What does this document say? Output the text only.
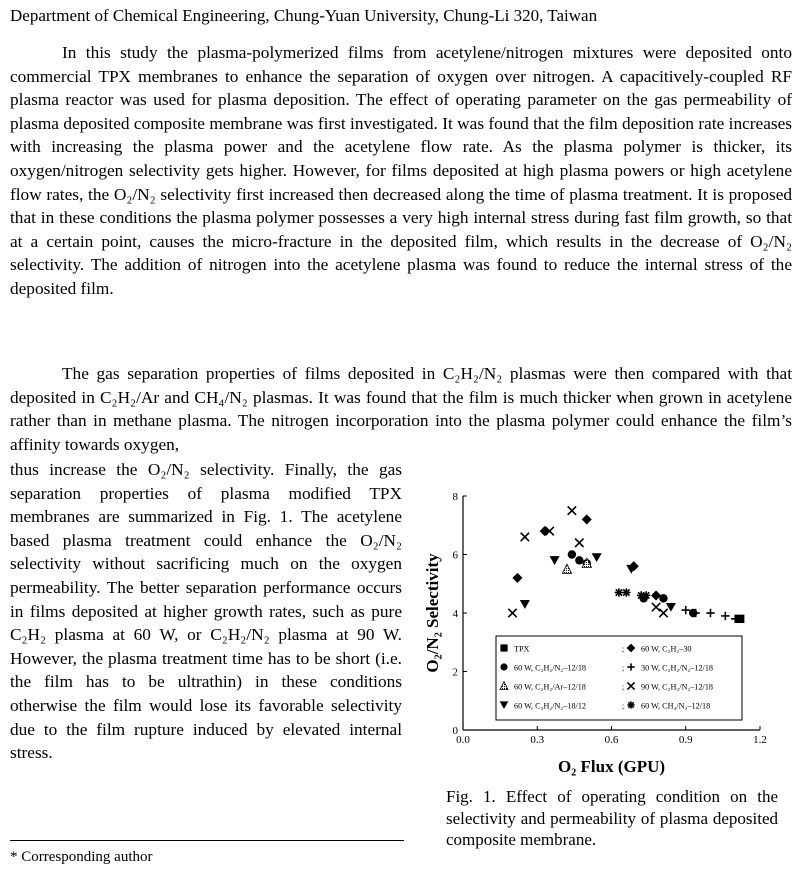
Department of Chemical Engineering, Chung-Yuan University, Chung-Li 320, Taiwan

In this study the plasma-polymerized films from acetylene/nitrogen mixtures were deposited onto commercial TPX membranes to enhance the separation of oxygen over nitrogen. A capacitively-coupled RF plasma reactor was used for plasma deposition. The effect of operating parameter on the gas permeability of plasma deposited composite membrane was first investigated. It was found that the film deposition rate increases with increasing the plasma power and the acetylene flow rate. As the plasma polymer is thicker, its oxygen/nitrogen selectivity gets higher. However, for films deposited at high plasma powers or high acetylene flow rates, the O₂/N₂ selectivity first increased then decreased along the time of plasma treatment. It is proposed that in these conditions the plasma polymer possesses a very high internal stress during fast film growth, so that at a certain point, causes the micro-fracture in the deposited film, which results in the decrease of O₂/N₂ selectivity. The addition of nitrogen into the acetylene plasma was found to reduce the internal stress of the deposited film.

The gas separation properties of films deposited in C₂H₂/N₂ plasmas were then compared with that deposited in C₂H₂/Ar and CH₄/N₂ plasmas. It was found that the film is much thicker when grown in acetylene rather than in methane plasma. The nitrogen incorporation into the plasma polymer could enhance the film’s affinity towards oxygen,

thus increase the O₂/N₂ selectivity. Finally, the gas separation properties of plasma modified TPX membranes are summarized in Fig. 1. The acetylene based plasma treatment could enhance the O₂/N₂ selectivity without sacrificing much on the oxygen permeability. The better separation performance occurs in films deposited at higher growth rates, such as pure C₂H₂ plasma at 60 W, or C₂H₂/N₂ plasma at 90 W. However, the plasma treatment time has to be short (i.e. the film has to be ultrathin) in these conditions otherwise the film would lose its favorable selectivity due to the film rupture induced by elevated internal stress.

* Corresponding author
0.0	0.3	0.6	0.9	1.2
0
2
4
6
8
O₂ Flux (GPU)
O₂/N₂ Selectivity	TPX	;
60 W, C₂H₂/N₂–12/18	;
60 W, C₂H₂/Ar–12/18	;
60 W, C₂H₂/N₂–18/12	;
60 W, C₂H₂–30
30 W, C₂H₂/N₂–12/18
90 W, C₂H₂/N₂–12/18
60 W, CH₄/N₂–12/18

Fig. 1. Effect of operating condition on the selectivity and permeability of plasma deposited composite membrane.
